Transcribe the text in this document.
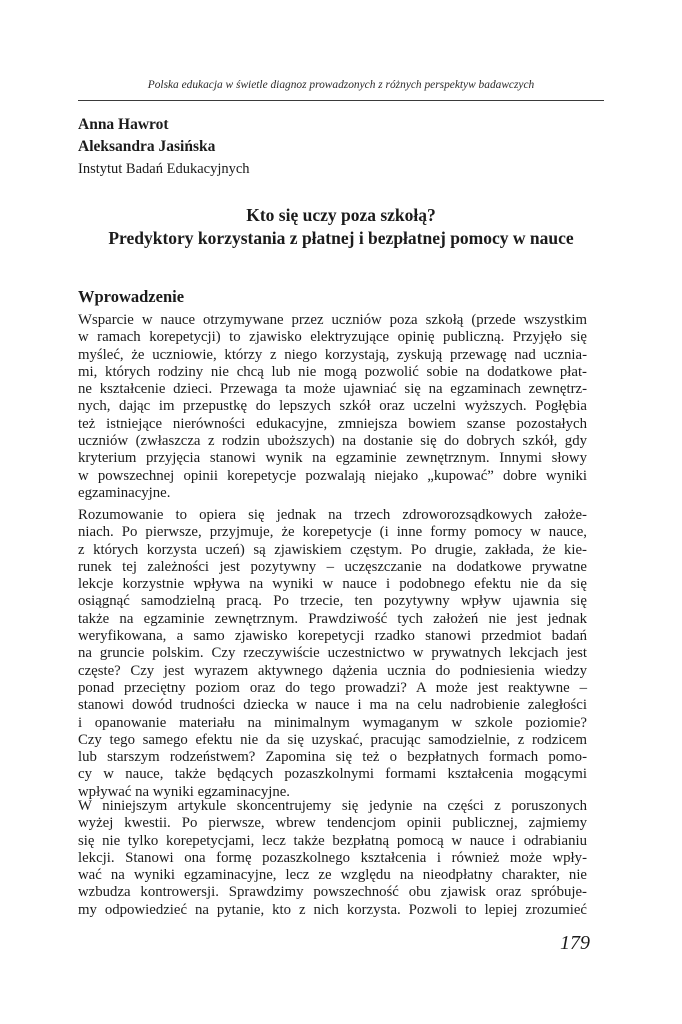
Polska edukacja w świetle diagnoz prowadzonych z różnych perspektyw badawczych
Anna Hawrot
Aleksandra Jasińska
Instytut Badań Edukacyjnych
Kto się uczy poza szkołą?
Predyktory korzystania z płatnej i bezpłatnej pomocy w nauce
Wprowadzenie
Wsparcie w nauce otrzymywane przez uczniów poza szkołą (przede wszystkim
w ramach korepetycji) to zjawisko elektryzujące opinię publiczną. Przyjęło się
myśleć, że uczniowie, którzy z niego korzystają, zyskują przewagę nad ucznia-
mi, których rodziny nie chcą lub nie mogą pozwolić sobie na dodatkowe płat-
ne kształcenie dzieci. Przewaga ta może ujawniać się na egzaminach zewnętrz-
nych, dając im przepustkę do lepszych szkół oraz uczelni wyższych. Pogłębia
też istniejące nierówności edukacyjne, zmniejsza bowiem szanse pozostałych
uczniów (zwłaszcza z rodzin uboższych) na dostanie się do dobrych szkół, gdy
kryterium przyjęcia stanowi wynik na egzaminie zewnętrznym. Innymi słowy
w powszechnej opinii korepetycje pozwalają niejako „kupować” dobre wyniki
egzaminacyjne.
Rozumowanie to opiera się jednak na trzech zdroworozsądkowych założe-
niach. Po pierwsze, przyjmuje, że korepetycje (i inne formy pomocy w nauce,
z których korzysta uczeń) są zjawiskiem częstym. Po drugie, zakłada, że kie-
runek tej zależności jest pozytywny – uczęszczanie na dodatkowe prywatne
lekcje korzystnie wpływa na wyniki w nauce i podobnego efektu nie da się
osiągnąć samodzielną pracą. Po trzecie, ten pozytywny wpływ ujawnia się
także na egzaminie zewnętrznym. Prawdziwość tych założeń nie jest jednak
weryfikowana, a samo zjawisko korepetycji rzadko stanowi przedmiot badań
na gruncie polskim. Czy rzeczywiście uczestnictwo w prywatnych lekcjach jest
częste? Czy jest wyrazem aktywnego dążenia ucznia do podniesienia wiedzy
ponad przeciętny poziom oraz do tego prowadzi? A może jest reaktywne –
stanowi dowód trudności dziecka w nauce i ma na celu nadrobienie zaległości
i opanowanie materiału na minimalnym wymaganym w szkole poziomie?
Czy tego samego efektu nie da się uzyskać, pracując samodzielnie, z rodzicem
lub starszym rodzeństwem? Zapomina się też o bezpłatnych formach pomo-
cy w nauce, także będących pozaszkolnymi formami kształcenia mogącymi
wpływać na wyniki egzaminacyjne.
W niniejszym artykule skoncentrujemy się jedynie na części z poruszonych
wyżej kwestii. Po pierwsze, wbrew tendencjom opinii publicznej, zajmiemy
się nie tylko korepetycjami, lecz także bezpłatną pomocą w nauce i odrabianiu
lekcji. Stanowi ona formę pozaszkolnego kształcenia i również może wpły-
wać na wyniki egzaminacyjne, lecz ze względu na nieodpłatny charakter, nie
wzbudza kontrowersji. Sprawdzimy powszechność obu zjawisk oraz spróbuje-
my odpowiedzieć na pytanie, kto z nich korzysta. Pozwoli to lepiej zrozumieć
179
